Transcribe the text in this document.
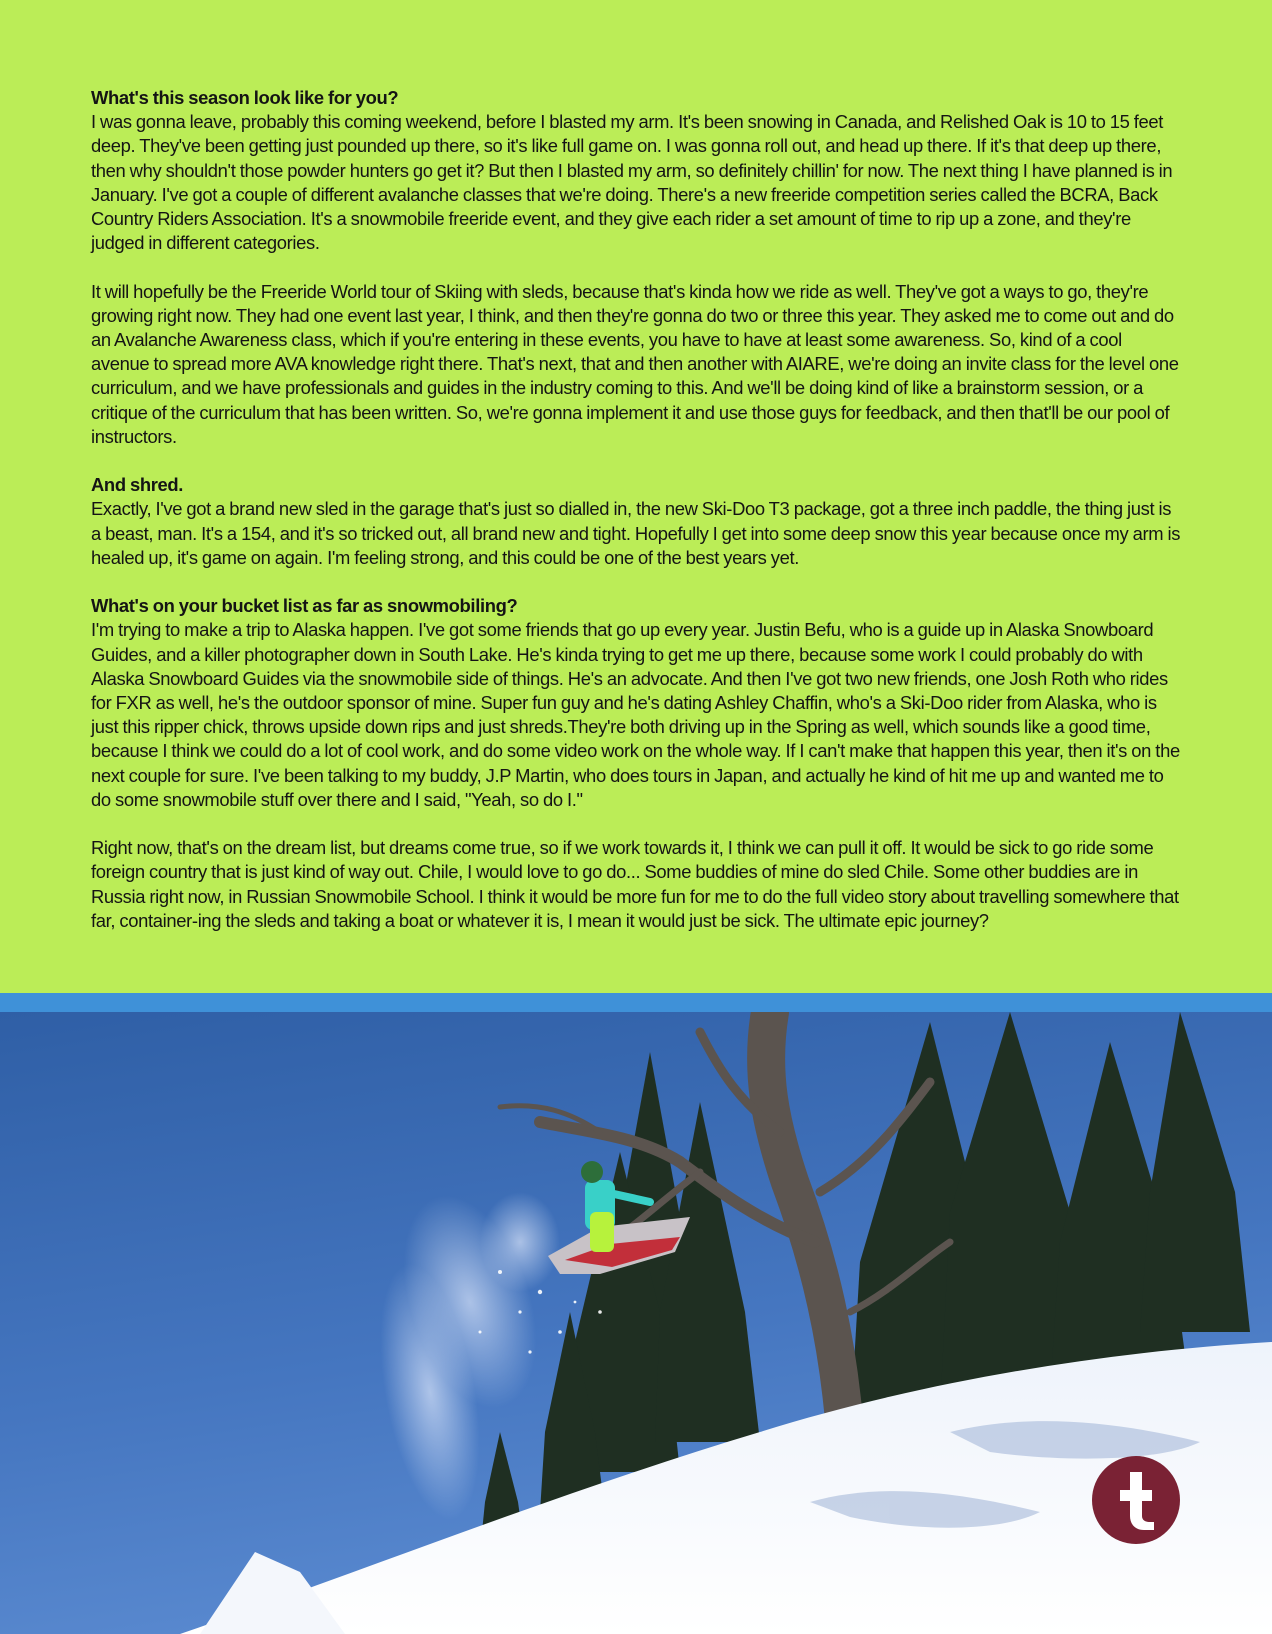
What's this season look like for you?

I was gonna leave, probably this coming weekend, before I blasted my arm. It's been snowing in Canada, and Relished Oak is 10 to 15 feet deep. They've been getting just pounded up there, so it's like full game on. I was gonna roll out, and head up there. If it's that deep up there, then why shouldn't those powder hunters go get it? But then I blasted my arm, so definitely chillin' for now. The next thing I have planned is in January. I've got a couple of different avalanche classes that we're doing. There's a new freeride competition series called the BCRA, Back Country Riders Association. It's a snowmobile freeride event, and they give each rider a set amount of time to rip up a zone, and they're judged in different categories.

It will hopefully be the Freeride World tour of Skiing with sleds, because that's kinda how we ride as well. They've got a ways to go, they're growing right now. They had one event last year, I think, and then they're gonna do two or three this year. They asked me to come out and do an Avalanche Awareness class, which if you're entering in these events, you have to have at least some awareness. So, kind of a cool avenue to spread more AVA knowledge right there. That's next, that and then another with AIARE, we're doing an invite class for the level one curriculum, and we have professionals and guides in the industry coming to this. And we'll be doing kind of like a brainstorm session, or a critique of the curriculum that has been written. So, we're gonna implement it and use those guys for feedback, and then that'll be our pool of instructors.

And shred.

Exactly, I've got a brand new sled in the garage that's just so dialled in, the new Ski-Doo T3 package, got a three inch paddle, the thing just is a beast, man. It's a 154, and it's so tricked out, all brand new and tight. Hopefully I get into some deep snow this year because once my arm is healed up, it's game on again. I'm feeling strong, and this could be one of the best years yet.

What's on your bucket list as far as snowmobiling?

I'm trying to make a trip to Alaska happen. I've got some friends that go up every year. Justin Befu, who is a guide up in Alaska Snowboard Guides, and a killer photographer down in South Lake. He's kinda trying to get me up there, because some work I could probably do with Alaska Snowboard Guides via the snowmobile side of things. He's an advocate. And then I've got two new friends, one Josh Roth who rides for FXR as well, he's the outdoor sponsor of mine. Super fun guy and he's dating Ashley Chaffin, who's a Ski-Doo rider from Alaska, who is just this ripper chick, throws upside down rips and just shreds.They're both driving up in the Spring as well, which sounds like a good time, because I think we could do a lot of cool work, and do some video work on the whole way. If I can't make that happen this year, then it's on the next couple for sure. I've been talking to my buddy, J.P Martin, who does tours in Japan, and actually he kind of hit me up and wanted me to do some snowmobile stuff over there and I said, "Yeah, so do I."

Right now, that's on the dream list, but dreams come true, so if we work towards it, I think we can pull it off. It would be sick to go ride some foreign country that is just kind of way out. Chile, I would love to go do... Some buddies of mine do sled Chile. Some other buddies are in Russia right now, in Russian Snowmobile School. I think it would be more fun for me to do the full video story about travelling somewhere that far, container-ing the sleds and taking a boat or whatever it is, I mean it would just be sick. The ultimate epic journey?
